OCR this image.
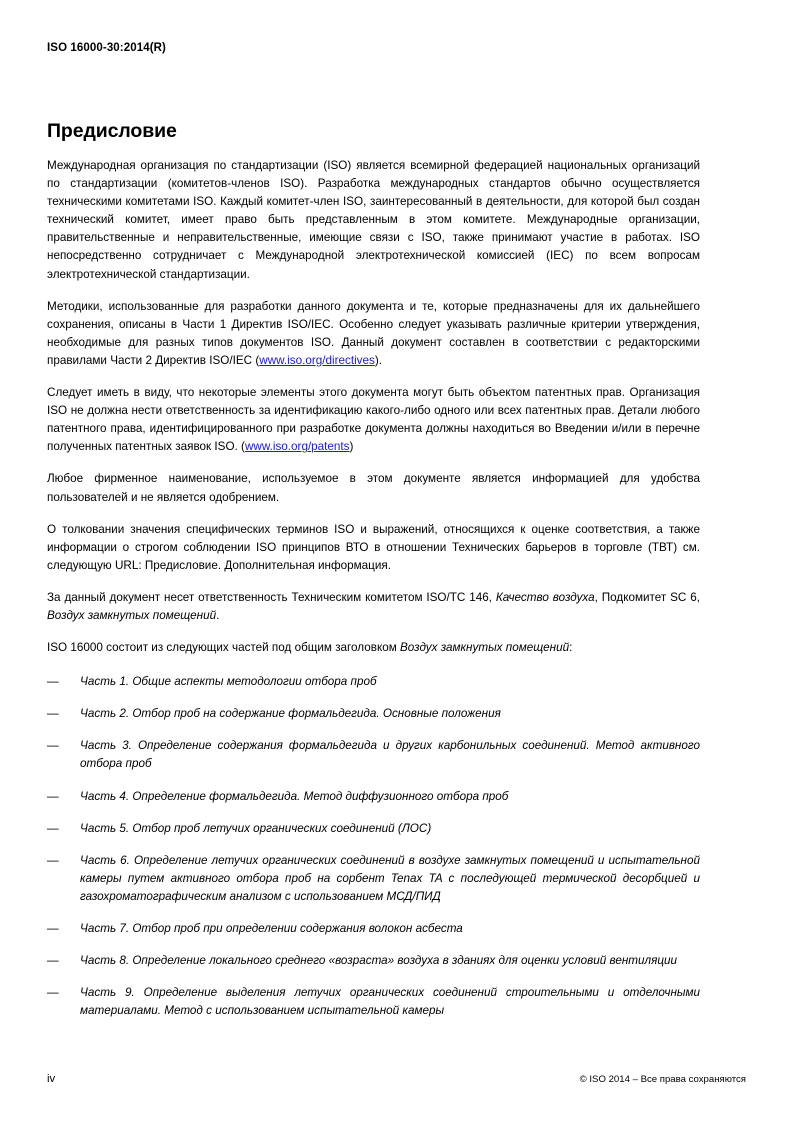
ISO 16000-30:2014(R)
Предисловие

Международная организация по стандартизации (ISO) является всемирной федерацией национальных организаций по стандартизации (комитетов-членов ISO). Разработка международных стандартов обычно осуществляется техническими комитетами ISO. Каждый комитет-член ISO, заинтересованный в деятельности, для которой был создан технический комитет, имеет право быть представленным в этом комитете. Международные организации, правительственные и неправительственные, имеющие связи с ISO, также принимают участие в работах. ISO непосредственно сотрудничает с Международной электротехнической комиссией (IEC) по всем вопросам электротехнической стандартизации.

Методики, использованные для разработки данного документа и те, которые предназначены для их дальнейшего сохранения, описаны в Части 1 Директив ISO/IEC. Особенно следует указывать различные критерии утверждения, необходимые для разных типов документов ISO. Данный документ составлен в соответствии с редакторскими правилами Части 2 Директив ISO/IEC (www.iso.org/directives).

Следует иметь в виду, что некоторые элементы этого документа могут быть объектом патентных прав. Организация ISO не должна нести ответственность за идентификацию какого-либо одного или всех патентных прав. Детали любого патентного права, идентифицированного при разработке документа должны находиться во Введении и/или в перечне полученных патентных заявок ISO. (www.iso.org/patents)

Любое фирменное наименование, используемое в этом документе является информацией для удобства пользователей и не является одобрением.

О толковании значения специфических терминов ISO и выражений, относящихся к оценке соответствия, а также информации о строгом соблюдении ISO принципов ВТО в отношении Технических барьеров в торговле (ТВТ) см. следующую URL: Предисловие. Дополнительная информация.

За данный документ несет ответственность Техническим комитетом ISO/TC 146, Качество воздуха, Подкомитет SC 6, Воздух замкнутых помещений.

ISO 16000 состоит из следующих частей под общим заголовком Воздух замкнутых помещений:

— Часть 1. Общие аспекты методологии отбора проб
— Часть 2. Отбор проб на содержание формальдегида. Основные положения
— Часть 3. Определение содержания формальдегида и других карбонильных соединений. Метод активного отбора проб
— Часть 4. Определение формальдегида. Метод диффузионного отбора проб
— Часть 5. Отбор проб летучих органических соединений (ЛОС)
— Часть 6. Определение летучих органических соединений в воздухе замкнутых помещений и испытательной камеры путем активного отбора проб на сорбент Tenax TA с последующей термической десорбцией и газохроматографическим анализом с использованием МСД/ПИД
— Часть 7. Отбор проб при определении содержания волокон асбеста
— Часть 8. Определение локального среднего «возраста» воздуха в зданиях для оценки условий вентиляции
— Часть 9. Определение выделения летучих органических соединений строительными и отделочными материалами. Метод с использованием испытательной камеры
iv	© ISO 2014 – Все права сохраняются
